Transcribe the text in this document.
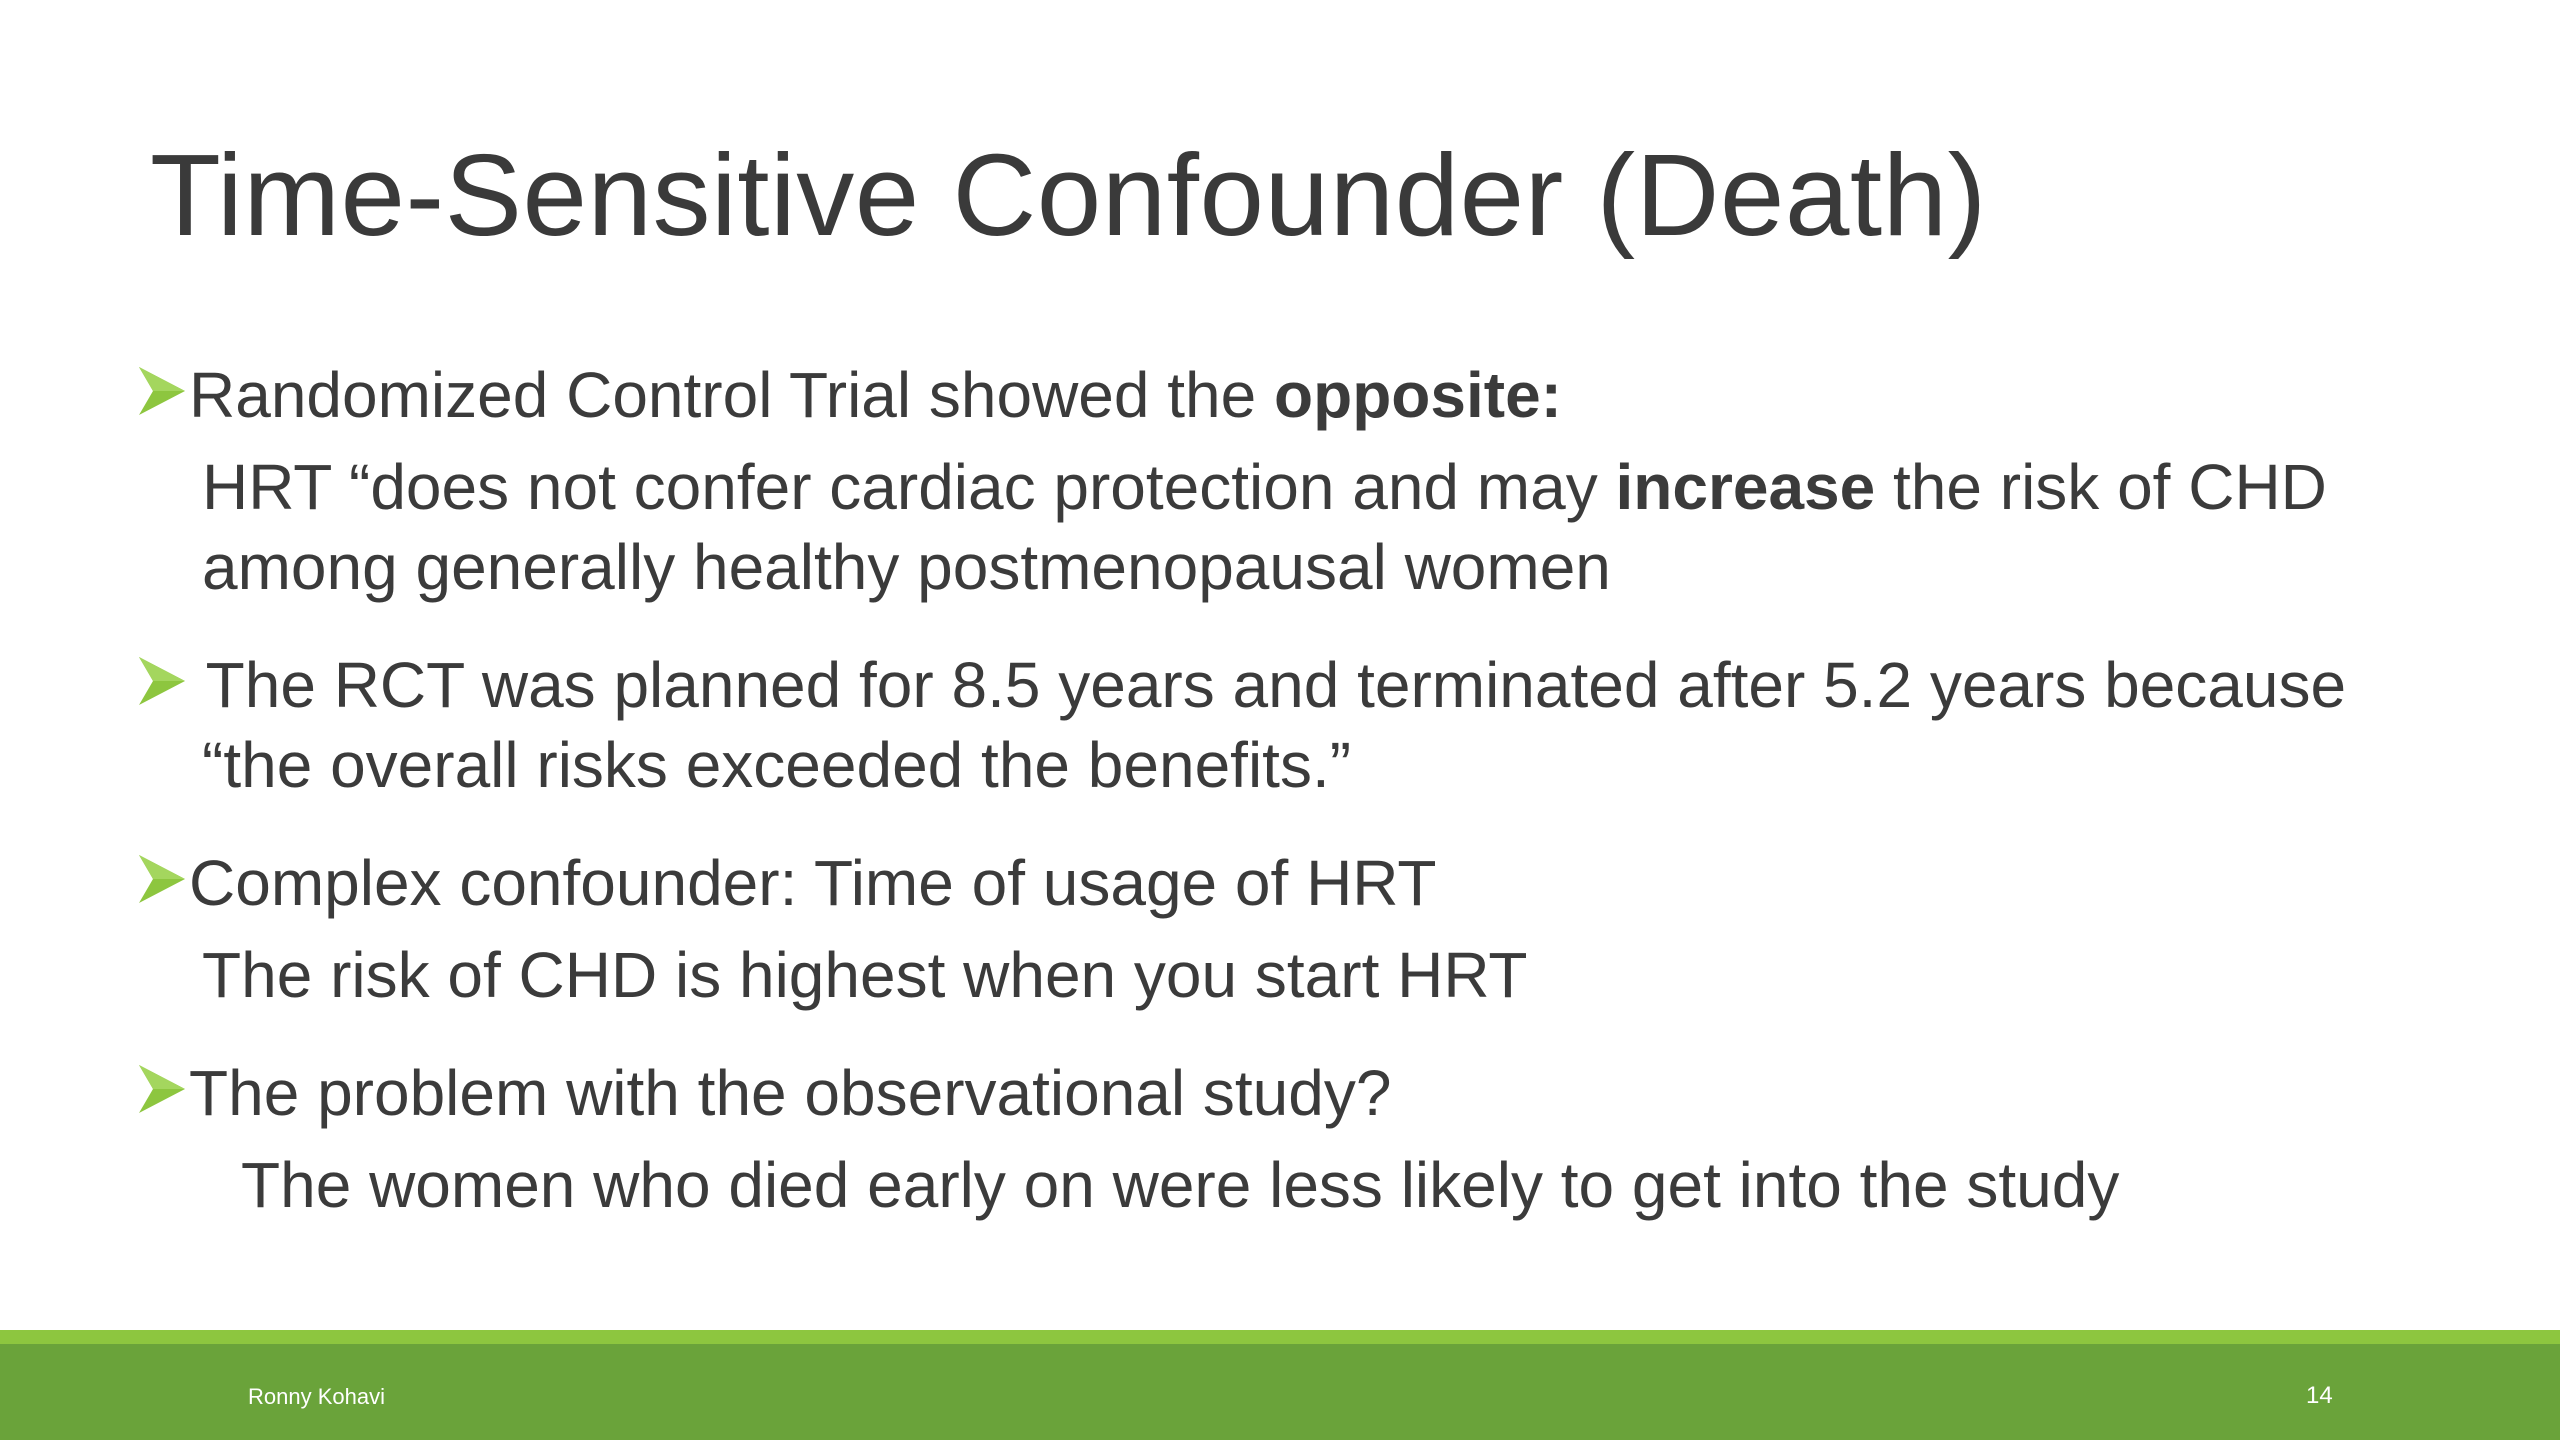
Time-Sensitive Confounder (Death)
Randomized Control Trial showed the opposite:
HRT “does not confer cardiac protection and may increase the risk of CHD
among generally healthy postmenopausal women
The RCT was planned for 8.5 years and terminated after 5.2 years because
“the overall risks exceeded the benefits.”
Complex confounder: Time of usage of HRT
The risk of CHD is highest when you start HRT
The problem with the observational study?
The women who died early on were less likely to get into the study
Ronny Kohavi	14
